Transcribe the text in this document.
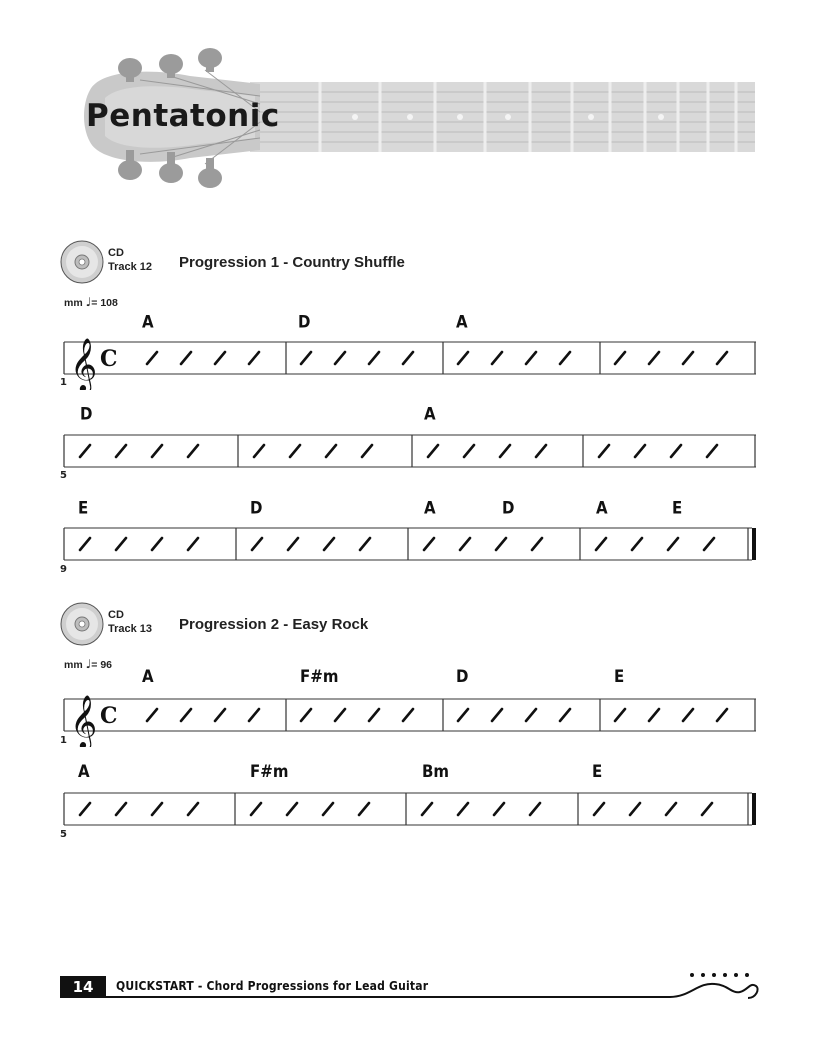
Pentatonic
CD
Track 12 Progression 1 - Country Shuffle
mm ♩= 108
A	D	A
𝄞 C
1
D	A
5
E	D	A	D	A	E
9
CD
Track 13 Progression 2 - Easy Rock
mm ♩= 96
A	F#m	D	E
𝄞 C
1
A	F#m	Bm	E
5
14	QUICKSTART - Chord Progressions for Lead Guitar
